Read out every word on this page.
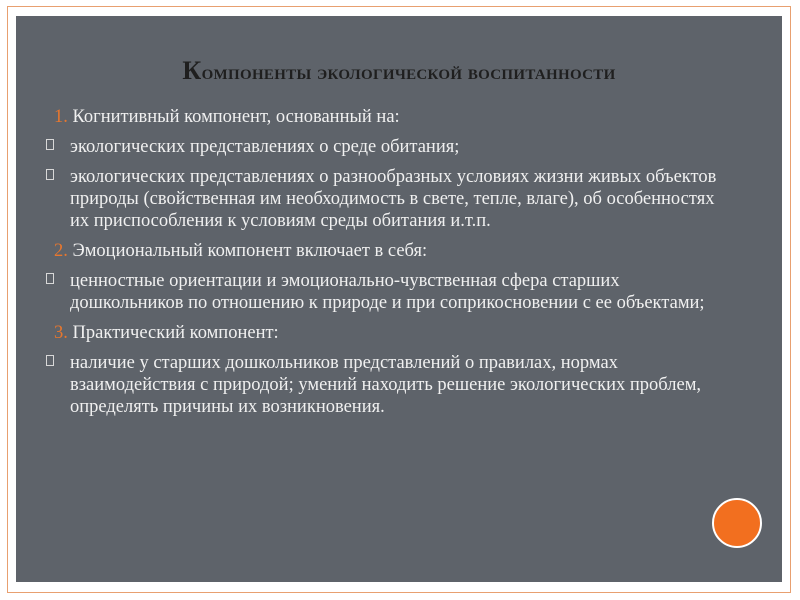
Компоненты экологической воспитанности
1. Когнитивный компонент, основанный на:
экологических представлениях о среде обитания;
экологических представлениях о разнообразных условиях жизни живых объектов природы (свойственная им необходимость в свете, тепле, влаге), об особенностях их приспособления к условиям среды обитания и.т.п.
2. Эмоциональный компонент включает в себя:
ценностные ориентации и эмоционально-чувственная сфера старших дошкольников по отношению к природе и при соприкосновении с ее объектами;
3. Практический компонент:
наличие у старших дошкольников представлений о правилах, нормах взаимодействия с природой; умений находить решение экологических проблем, определять причины их возникновения.
